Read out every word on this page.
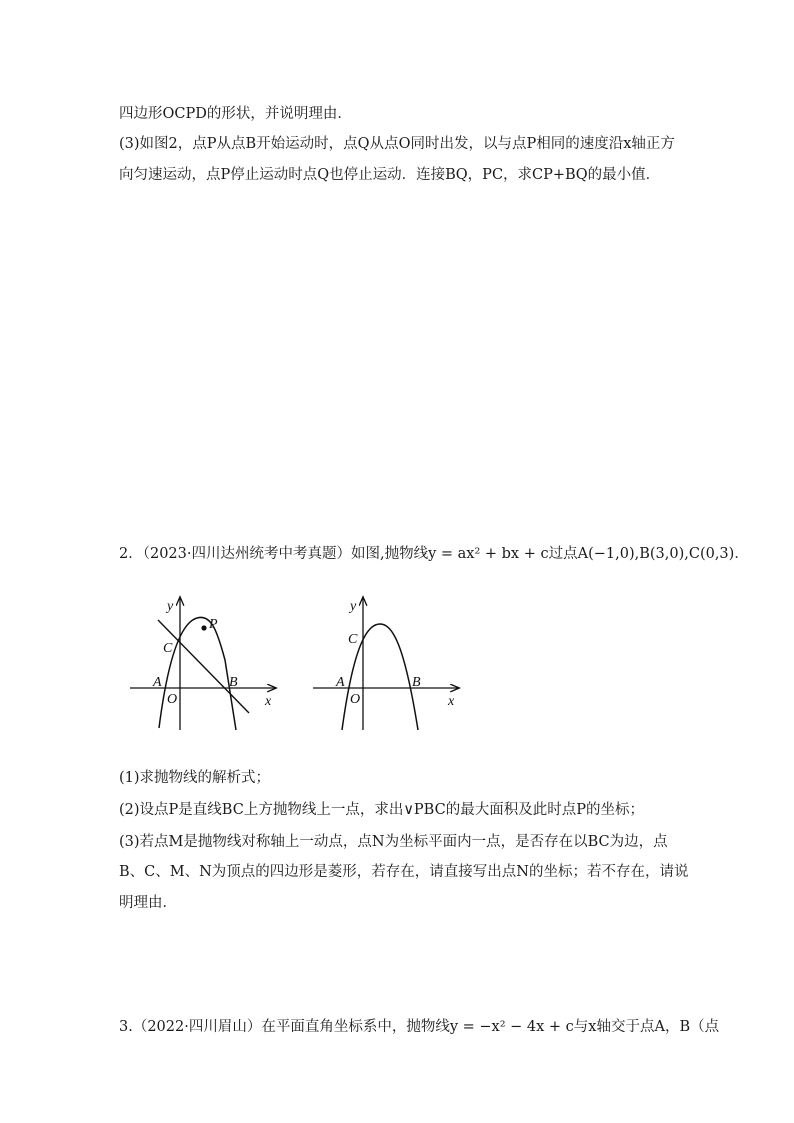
四边形OCPD的形状，并说明理由．
(3)如图2，点P从点B开始运动时，点Q从点O同时出发，以与点P相同的速度沿x轴正方
向匀速运动，点P停止运动时点Q也停止运动．连接BQ，PC，求CP+BQ的最小值．
2．（2023·四川达州统考中考真题）如图,抛物线y = ax² + bx + c过点A(−1,0),B(3,0),C(0,3)．
y
x
P
C
A
O
B
y
x
C
A
O
B
(1)求抛物线的解析式；
(2)设点P是直线BC上方抛物线上一点，求出∨PBC的最大面积及此时点P的坐标；
(3)若点M是抛物线对称轴上一动点，点N为坐标平面内一点，是否存在以BC为边，点
B、C、M、N为顶点的四边形是菱形，若存在，请直接写出点N的坐标；若不存在，请说
明理由．
3.（2022·四川眉山）在平面直角坐标系中，抛物线y = −x² − 4x + c与x轴交于点A，B（点
